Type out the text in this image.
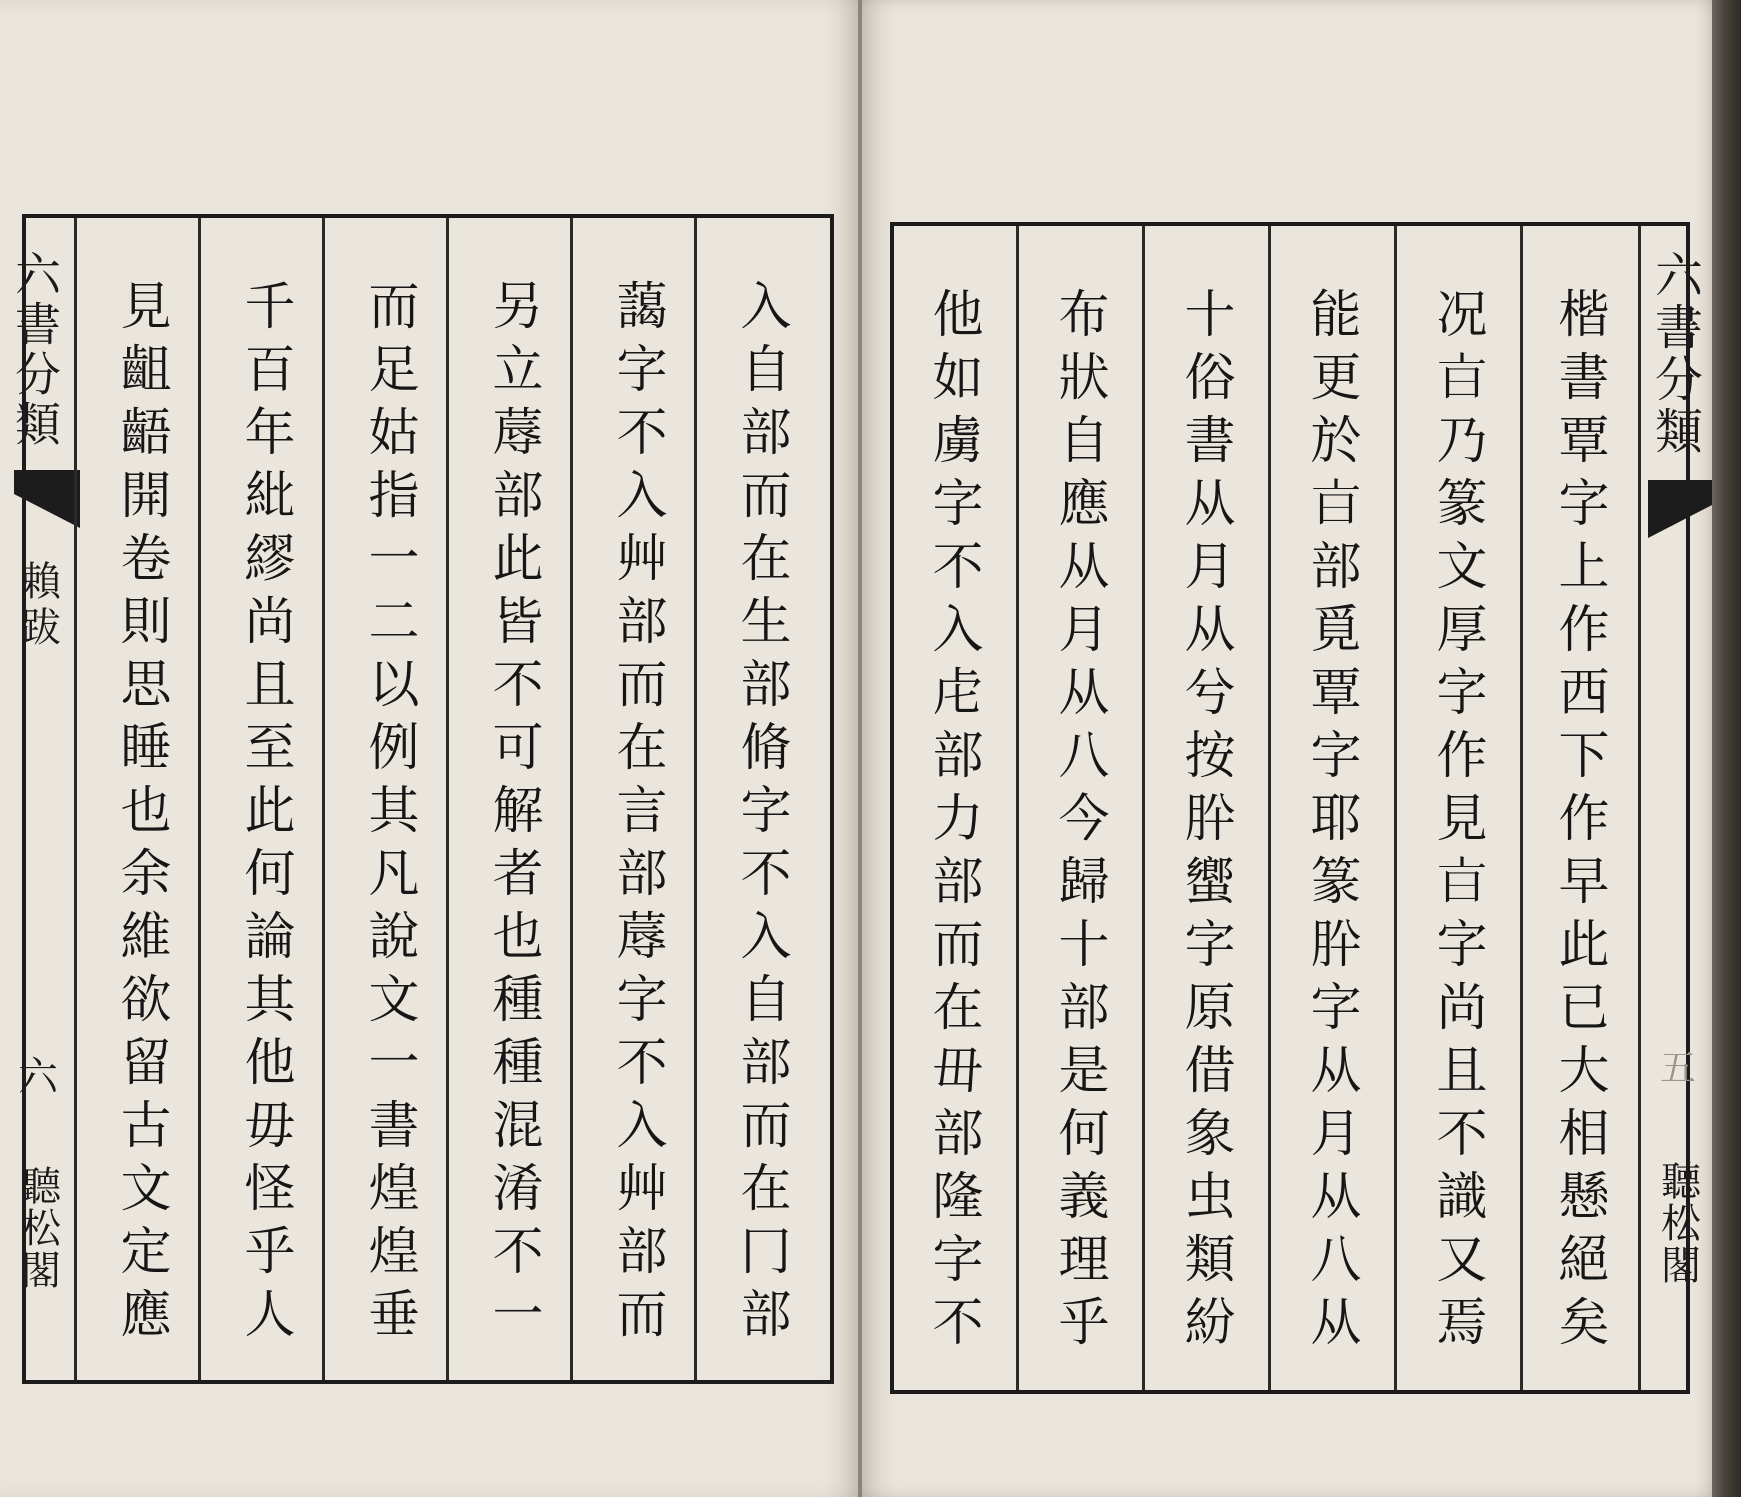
六書分類
賴跋
六
聽松閣
入
自
部
而
在
生
部
脩
字
不
入
自
部
而
在
冂
部
藹
字
不
入
艸
部
而
在
言
部
蓐
字
不
入
艸
部
而
另
立
蓐
部
此
皆
不
可
解
者
也
種
種
混
淆
不
一
而
足
姑
指
一
二
以
例
其
凡
說
文
一
書
煌
煌
垂
千
百
年
紕
繆
尚
且
至
此
何
論
其
他
毋
怪
乎
人
見
齟
齬
開
卷
則
思
睡
也
余
維
欲
留
古
文
定
應
楷
書
覃
字
上
作
西
下
作
早
此
已
大
相
懸
絕
矣
况
𣅀
乃
篆
文
厚
字
作
見
𣅀
字
尚
且
不
識
又
焉
能
更
於
𣅀
部
覓
覃
字
耶
篆
肸
字
从
月
从
八
从
十
俗
書
从
月
从
兮
按
肸
蠁
字
原
借
象
虫
類
紛
布
狀
自
應
从
月
从
八
今
歸
十
部
是
何
義
理
乎
他
如
虜
字
不
入
虍
部
力
部
而
在
毌
部
隆
字
不
六書分類
五
聽松閣
